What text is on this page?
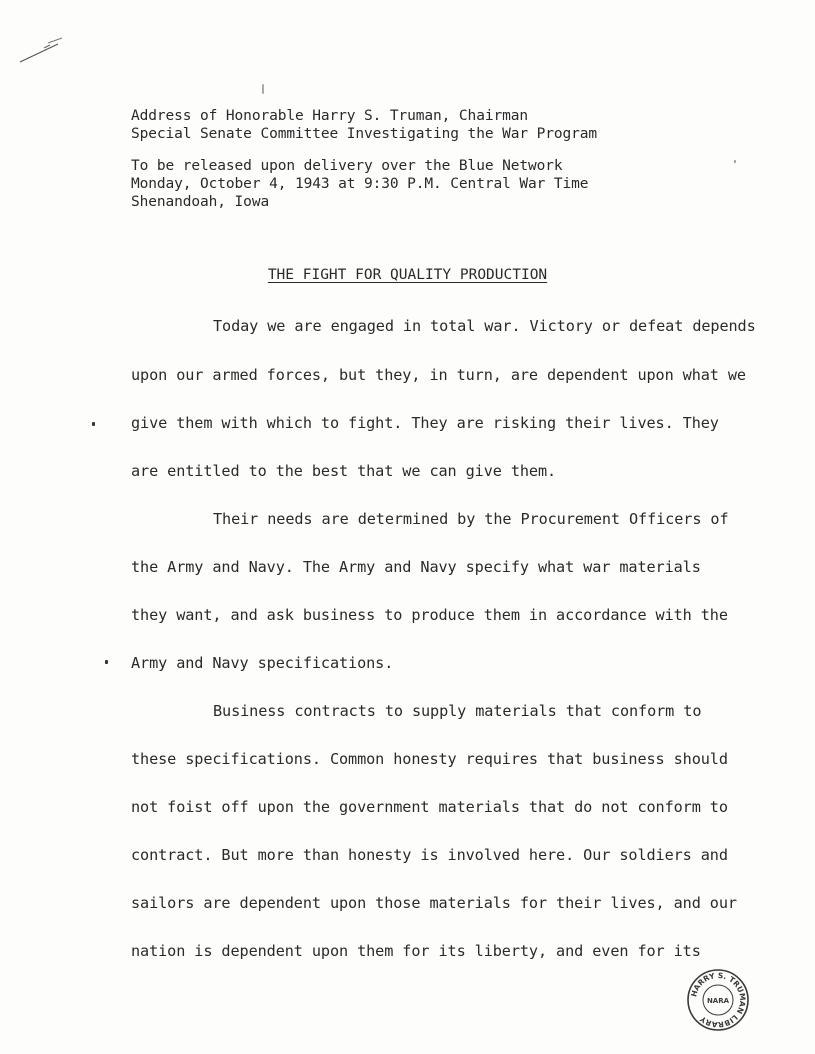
Address of Honorable Harry S. Truman, Chairman
Special Senate Committee Investigating the War Program
To be released upon delivery over the Blue Network
Monday, October 4, 1943 at 9:30 P.M. Central War Time
Shenandoah, Iowa
THE FIGHT FOR QUALITY PRODUCTION
Today we are engaged in total war. Victory or defeat depends
upon our armed forces, but they, in turn, are dependent upon what we
give them with which to fight. They are risking their lives. They
are entitled to the best that we can give them.
Their needs are determined by the Procurement Officers of
the Army and Navy. The Army and Navy specify what war materials
they want, and ask business to produce them in accordance with the
Army and Navy specifications.
Business contracts to supply materials that conform to
these specifications. Common honesty requires that business should
not foist off upon the government materials that do not conform to
contract. But more than honesty is involved here. Our soldiers and
sailors are dependent upon those materials for their lives, and our
nation is dependent upon them for its liberty, and even for its
HARRY S. TRUMAN LIBRARY
NARA
